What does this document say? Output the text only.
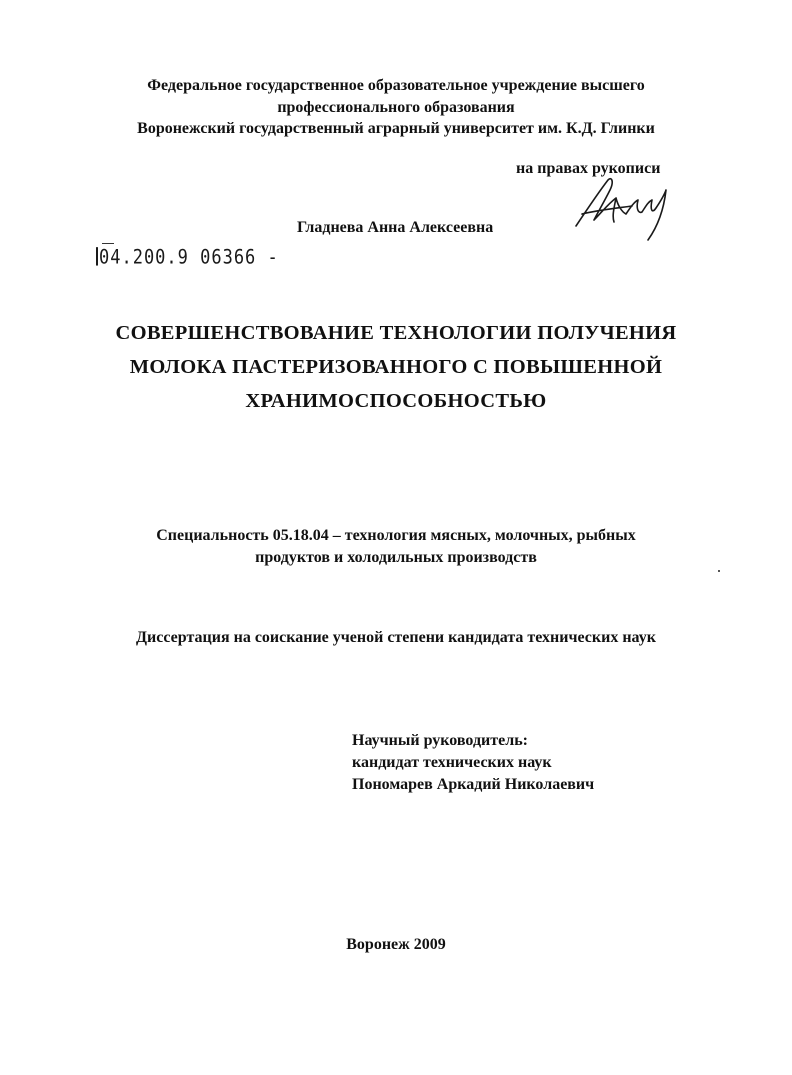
Федеральное государственное образовательное учреждение высшего
профессионального образования
Воронежский государственный аграрный университет им. К.Д. Глинки
на правах рукописи
Гладнева Анна Алексеевна
04.200.9 06366 -
СОВЕРШЕНСТВОВАНИЕ ТЕХНОЛОГИИ ПОЛУЧЕНИЯ
МОЛОКА ПАСТЕРИЗОВАННОГО С ПОВЫШЕННОЙ
ХРАНИМОСПОСОБНОСТЬЮ
Специальность 05.18.04 – технология мясных, молочных, рыбных
продуктов и холодильных производств
Диссертация на соискание ученой степени кандидата технических наук
Научный руководитель:
кандидат технических наук
Пономарев Аркадий Николаевич
Воронеж 2009
